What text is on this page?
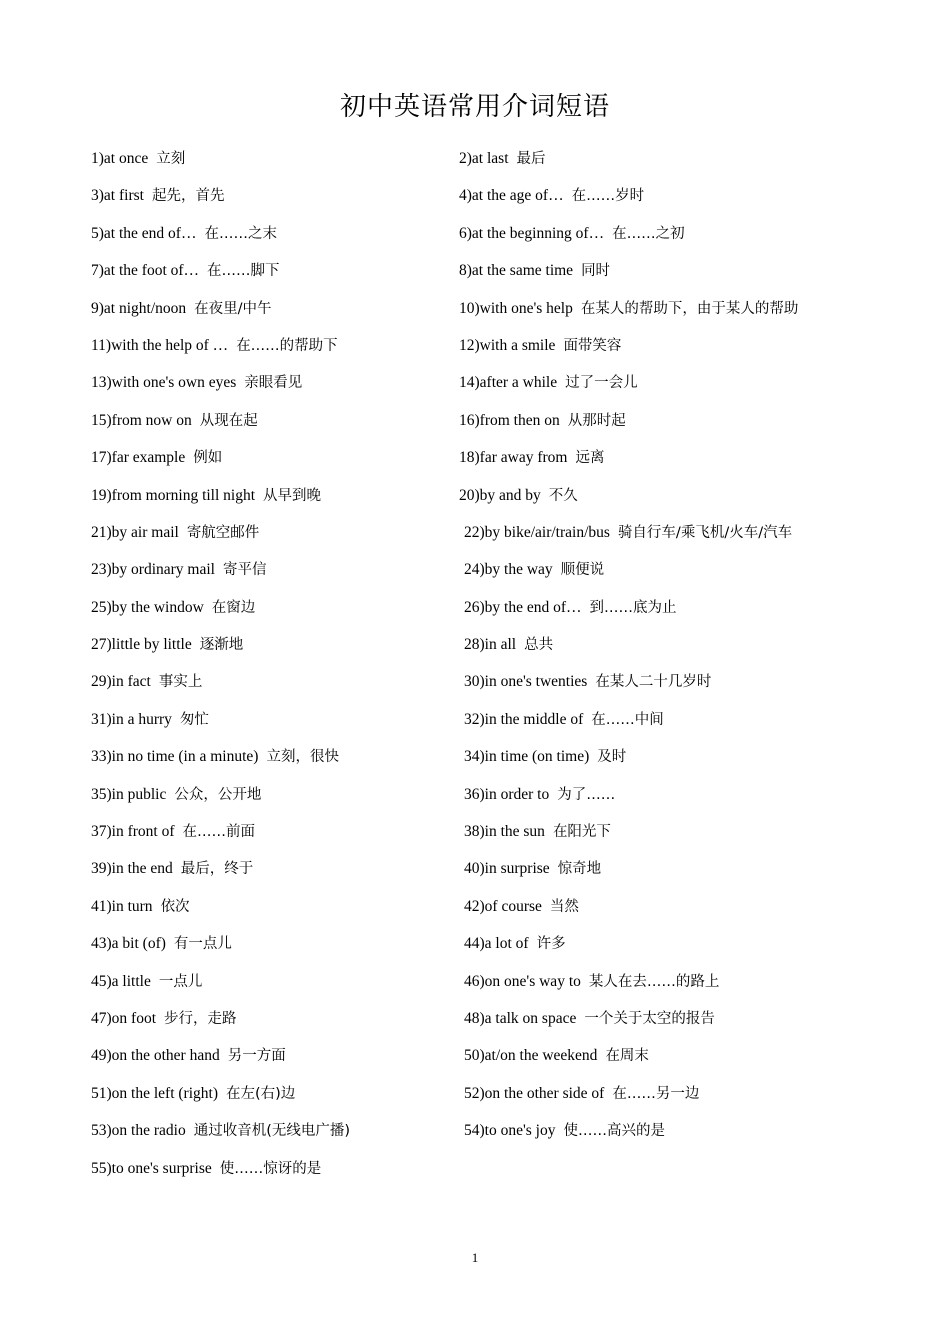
初中英语常用介词短语
1)at once 立刻	2)at last 最后
3)at first 起先，首先	4)at the age of… 在……岁时
5)at the end of… 在……之末	6)at the beginning of… 在……之初
7)at the foot of… 在……脚下	8)at the same time 同时
9)at night/noon 在夜里/中午	10)with one's help 在某人的帮助下，由于某人的帮助
11)with the help of … 在……的帮助下	12)with a smile 面带笑容
13)with one's own eyes 亲眼看见	14)after a while 过了一会儿
15)from now on 从现在起	16)from then on 从那时起
17)far example 例如	18)far away from 远离
19)from morning till night 从早到晚	20)by and by 不久
21)by air mail 寄航空邮件	22)by bike/air/train/bus 骑自行车/乘飞机/火车/汽车
23)by ordinary mail 寄平信	24)by the way 顺便说
25)by the window 在窗边	26)by the end of… 到……底为止
27)little by little 逐渐地	28)in all 总共
29)in fact 事实上	30)in one's twenties 在某人二十几岁时
31)in a hurry 匆忙	32)in the middle of 在……中间
33)in no time (in a minute) 立刻，很快	34)in time (on time) 及时
35)in public 公众，公开地	36)in order to 为了……
37)in front of 在……前面	38)in the sun 在阳光下
39)in the end 最后，终于	40)in surprise 惊奇地
41)in turn 依次	42)of course 当然
43)a bit (of) 有一点儿	44)a lot of 许多
45)a little 一点儿	46)on one's way to 某人在去……的路上
47)on foot 步行，走路	48)a talk on space 一个关于太空的报告
49)on the other hand 另一方面	50)at/on the weekend 在周末
51)on the left (right) 在左(右)边	52)on the other side of 在……另一边
53)on the radio 通过收音机(无线电广播)	54)to one's joy 使……高兴的是
55)to one's surprise 使……惊讶的是
1
